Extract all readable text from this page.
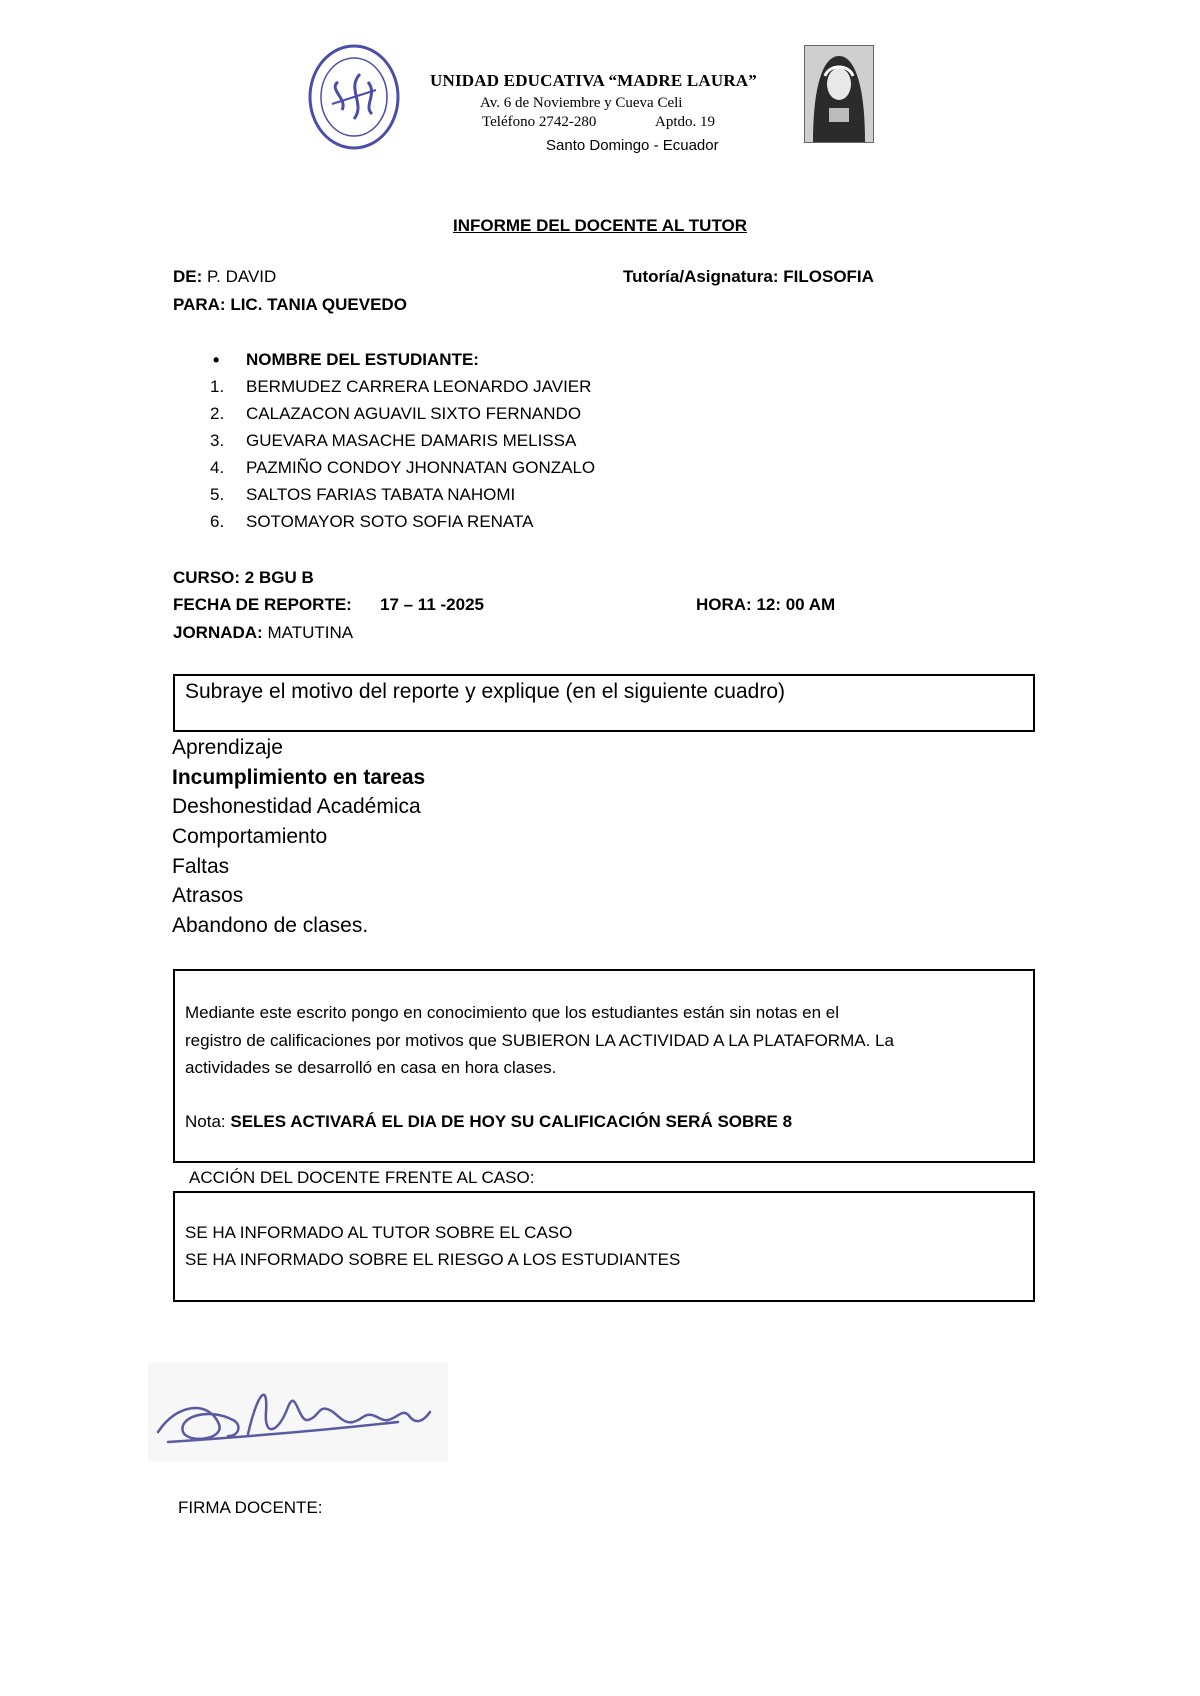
UNIDAD EDUCATIVA “MADRE LAURA”
Av. 6 de Noviembre y Cueva Celi
Teléfono 2742-280	Aptdo. 19
Santo Domingo - Ecuador
INFORME DEL DOCENTE AL TUTOR
DE: P. DAVID	Tutoría/Asignatura: FILOSOFIA
PARA: LIC. TANIA QUEVEDO
• NOMBRE DEL ESTUDIANTE:
1. BERMUDEZ CARRERA LEONARDO JAVIER
2. CALAZACON AGUAVIL SIXTO FERNANDO
3. GUEVARA MASACHE DAMARIS MELISSA
4. PAZMIÑO CONDOY JHONNATAN GONZALO
5. SALTOS FARIAS TABATA NAHOMI
6. SOTOMAYOR SOTO SOFIA RENATA
CURSO: 2 BGU B
FECHA DE REPORTE: 17 – 11 -2025	HORA: 12: 00 AM
JORNADA: MATUTINA
Subraye el motivo del reporte y explique (en el siguiente cuadro)
Aprendizaje
Incumplimiento en tareas
Deshonestidad Académica
Comportamiento
Faltas
Atrasos
Abandono de clases.
Mediante este escrito pongo en conocimiento que los estudiantes están sin notas en el
registro de calificaciones por motivos que SUBIERON LA ACTIVIDAD A LA PLATAFORMA. La
actividades se desarrolló en casa en hora clases.
Nota: SELES ACTIVARÁ EL DIA DE HOY SU CALIFICACIÓN SERÁ SOBRE 8
ACCIÓN DEL DOCENTE FRENTE AL CASO:
SE HA INFORMADO AL TUTOR SOBRE EL CASO
SE HA INFORMADO SOBRE EL RIESGO A LOS ESTUDIANTES
FIRMA DOCENTE:
